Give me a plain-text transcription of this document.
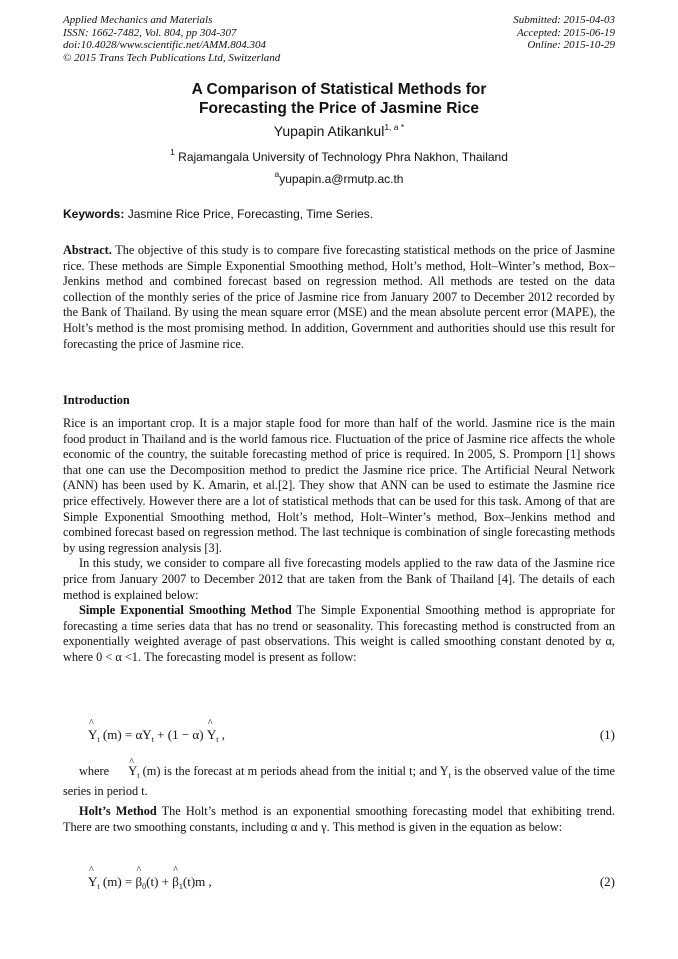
Applied Mechanics and Materials
ISSN: 1662-7482, Vol. 804, pp 304-307
doi:10.4028/www.scientific.net/AMM.804.304
© 2015 Trans Tech Publications Ltd, Switzerland
Submitted: 2015-04-03
Accepted: 2015-06-19
Online: 2015-10-29
A Comparison of Statistical Methods for
Forecasting the Price of Jasmine Rice
Yupapin Atikankul$^{1, a *}$
$^1$ Rajamangala University of Technology Phra Nakhon, Thailand
$^a$yupapin.a@rmutp.ac.th
Keywords: Jasmine Rice Price, Forecasting, Time Series.
Abstract. The objective of this study is to compare five forecasting statistical methods on the price of Jasmine rice. These methods are Simple Exponential Smoothing method, Holt’s method, Holt–Winter’s method, Box–Jenkins method and combined forecast based on regression method. All methods are tested on the data collection of the monthly series of the price of Jasmine rice from January 2007 to December 2012 recorded by the Bank of Thailand. By using the mean square error (MSE) and the mean absolute percent error (MAPE), the Holt’s method is the most promising method. In addition, Government and authorities should use this result for forecasting the price of Jasmine rice.
Introduction

Rice is an important crop. It is a major staple food for more than half of the world. Jasmine rice is the main food product in Thailand and is the world famous rice. Fluctuation of the price of Jasmine rice affects the whole economic of the country, the suitable forecasting method of price is required. In 2005, S. Promporn [1] shows that one can use the Decomposition method to predict the Jasmine rice price. The Artificial Neural Network (ANN) has been used by K. Amarin, et al.[2]. They show that ANN can be used to estimate the Jasmine rice price effectively. However there are a lot of statistical methods that can be used for this task. Among of that are Simple Exponential Smoothing method, Holt’s method, Holt–Winter’s method, Box–Jenkins method and combined forecast based on regression method. The last technique is combination of single forecasting methods by using regression analysis [3].

In this study, we consider to compare all five forecasting models applied to the raw data of the Jasmine rice price from January 2007 to December 2012 that are taken from the Bank of Thailand [4]. The details of each method is explained below:

Simple Exponential Smoothing Method The Simple Exponential Smoothing method is appropriate for forecasting a time series data that has no trend or seasonality. This forecasting method is constructed from an exponentially weighted average of past observations. This weight is called smoothing constant denoted by α, where 0 < α <1. The forecasting model is present as follow:

^ $Y_t$ $(m) = \alpha Y_t + (1 - \alpha)$ ^ $Y_t$ ,	(1)
where ^ $Y_t$ (m) is the forecast at m periods ahead from the initial t; and $Y_t$ is the observed value of the time series in period t.
Holt’s Method The Holt’s method is an exponential smoothing forecasting model that exhibiting trend. There are two smoothing constants, including α and γ. This method is given in the equation as below:
^ $Y_t$ (m) = ^ $\beta_0(t)$ + ^ $\beta_1(t)m$ ,	(2)
